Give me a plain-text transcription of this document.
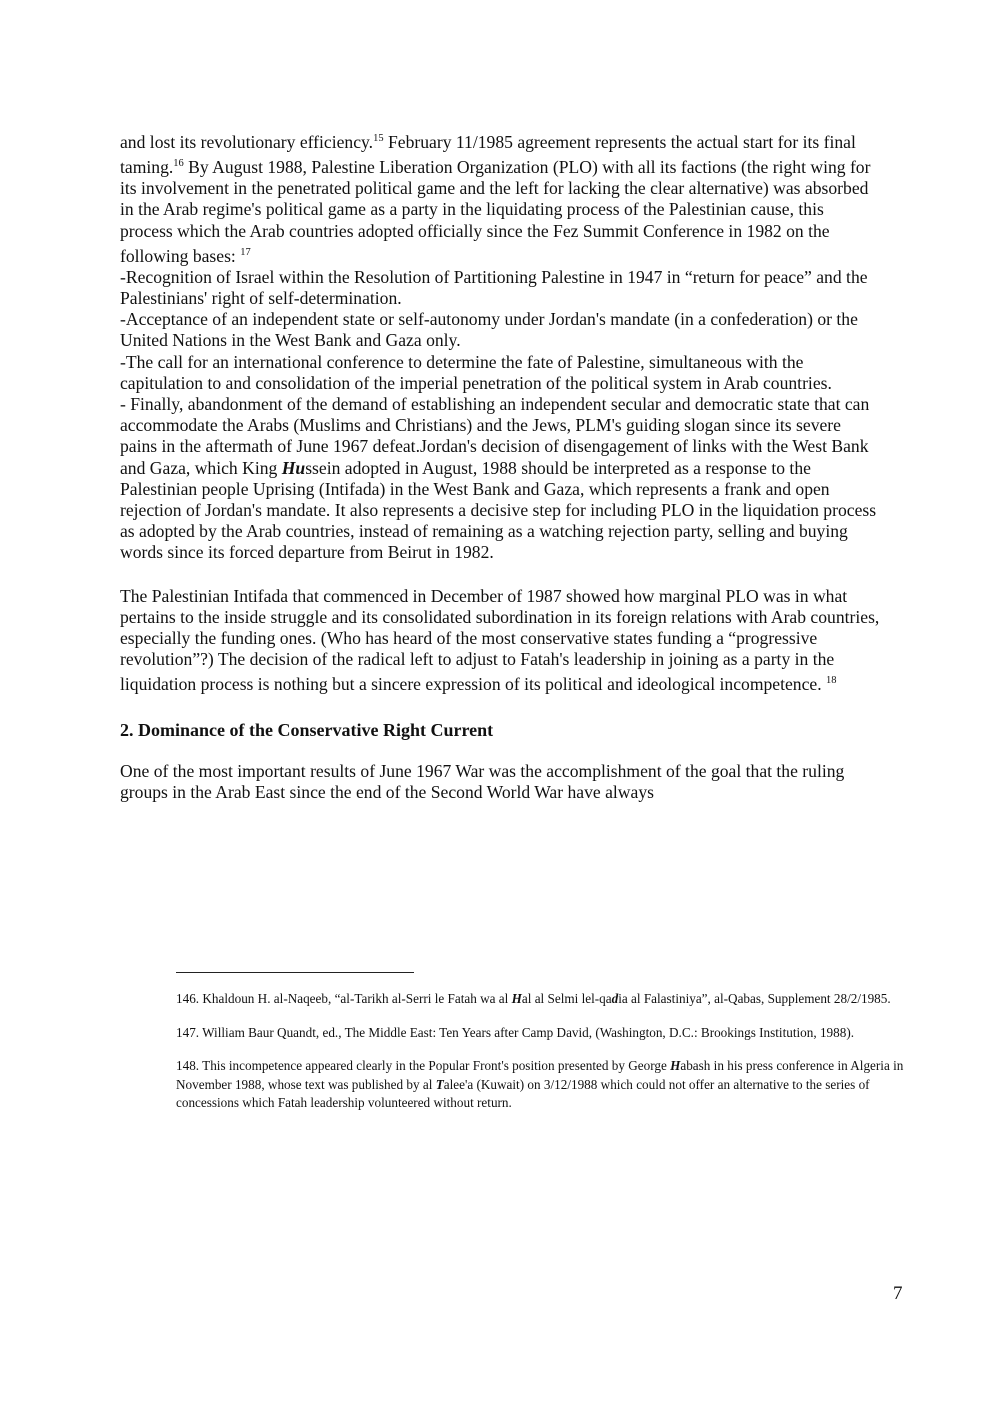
and lost its revolutionary efficiency.$^{15}$ February 11/1985 agreement represents the actual start for its final taming.$^{16}$ By August 1988, Palestine Liberation Organization (PLO) with all its factions (the right wing for its involvement in the penetrated political game and the left for lacking the clear alternative) was absorbed in the Arab regime's political game as a party in the liquidating process of the Palestinian cause, this process which the Arab countries adopted officially since the Fez Summit Conference in 1982 on the following bases: $^{17}$

-Recognition of Israel within the Resolution of Partitioning Palestine in 1947 in “return for peace” and the Palestinians' right of self-determination.

-Acceptance of an independent state or self-autonomy under Jordan's mandate (in a confederation) or the United Nations in the West Bank and Gaza only.

-The call for an international conference to determine the fate of Palestine, simultaneous with the capitulation to and consolidation of the imperial penetration of the political system in Arab countries.

- Finally, abandonment of the demand of establishing an independent secular and democratic state that can accommodate the Arabs (Muslims and Christians) and the Jews, PLM's guiding slogan since its severe pains in the aftermath of June 1967 defeat.Jordan's decision of disengagement of links with the West Bank and Gaza, which King Hussein adopted in August, 1988 should be interpreted as a response to the Palestinian people Uprising (Intifada) in the West Bank and Gaza, which represents a frank and open rejection of Jordan's mandate. It also represents a decisive step for including PLO in the liquidation process as adopted by the Arab countries, instead of remaining as a watching rejection party, selling and buying words since its forced departure from Beirut in 1982.

The Palestinian Intifada that commenced in December of 1987 showed how marginal PLO was in what pertains to the inside struggle and its consolidated subordination in its foreign relations with Arab countries, especially the funding ones. (Who has heard of the most conservative states funding a “progressive revolution”?) The decision of the radical left to adjust to Fatah's leadership in joining as a party in the liquidation process is nothing but a sincere expression of its political and ideological incompetence. $^{18}$

2. Dominance of the Conservative Right Current

One of the most important results of June 1967 War was the accomplishment of the goal that the ruling groups in the Arab East since the end of the Second World War have always

146. Khaldoun H. al-Naqeeb, “al-Tarikh al-Serri le Fatah wa al Hal al Selmi lel-qadia al Falastiniya”, al-Qabas, Supplement 28/2/1985.

147. William Baur Quandt, ed., The Middle East: Ten Years after Camp David, (Washington, D.C.: Brookings Institution, 1988).

148. This incompetence appeared clearly in the Popular Front's position presented by George Habash in his press conference in Algeria in November 1988, whose text was published by al Talee'a (Kuwait) on 3/12/1988 which could not offer an alternative to the series of concessions which Fatah leadership volunteered without return.

7
